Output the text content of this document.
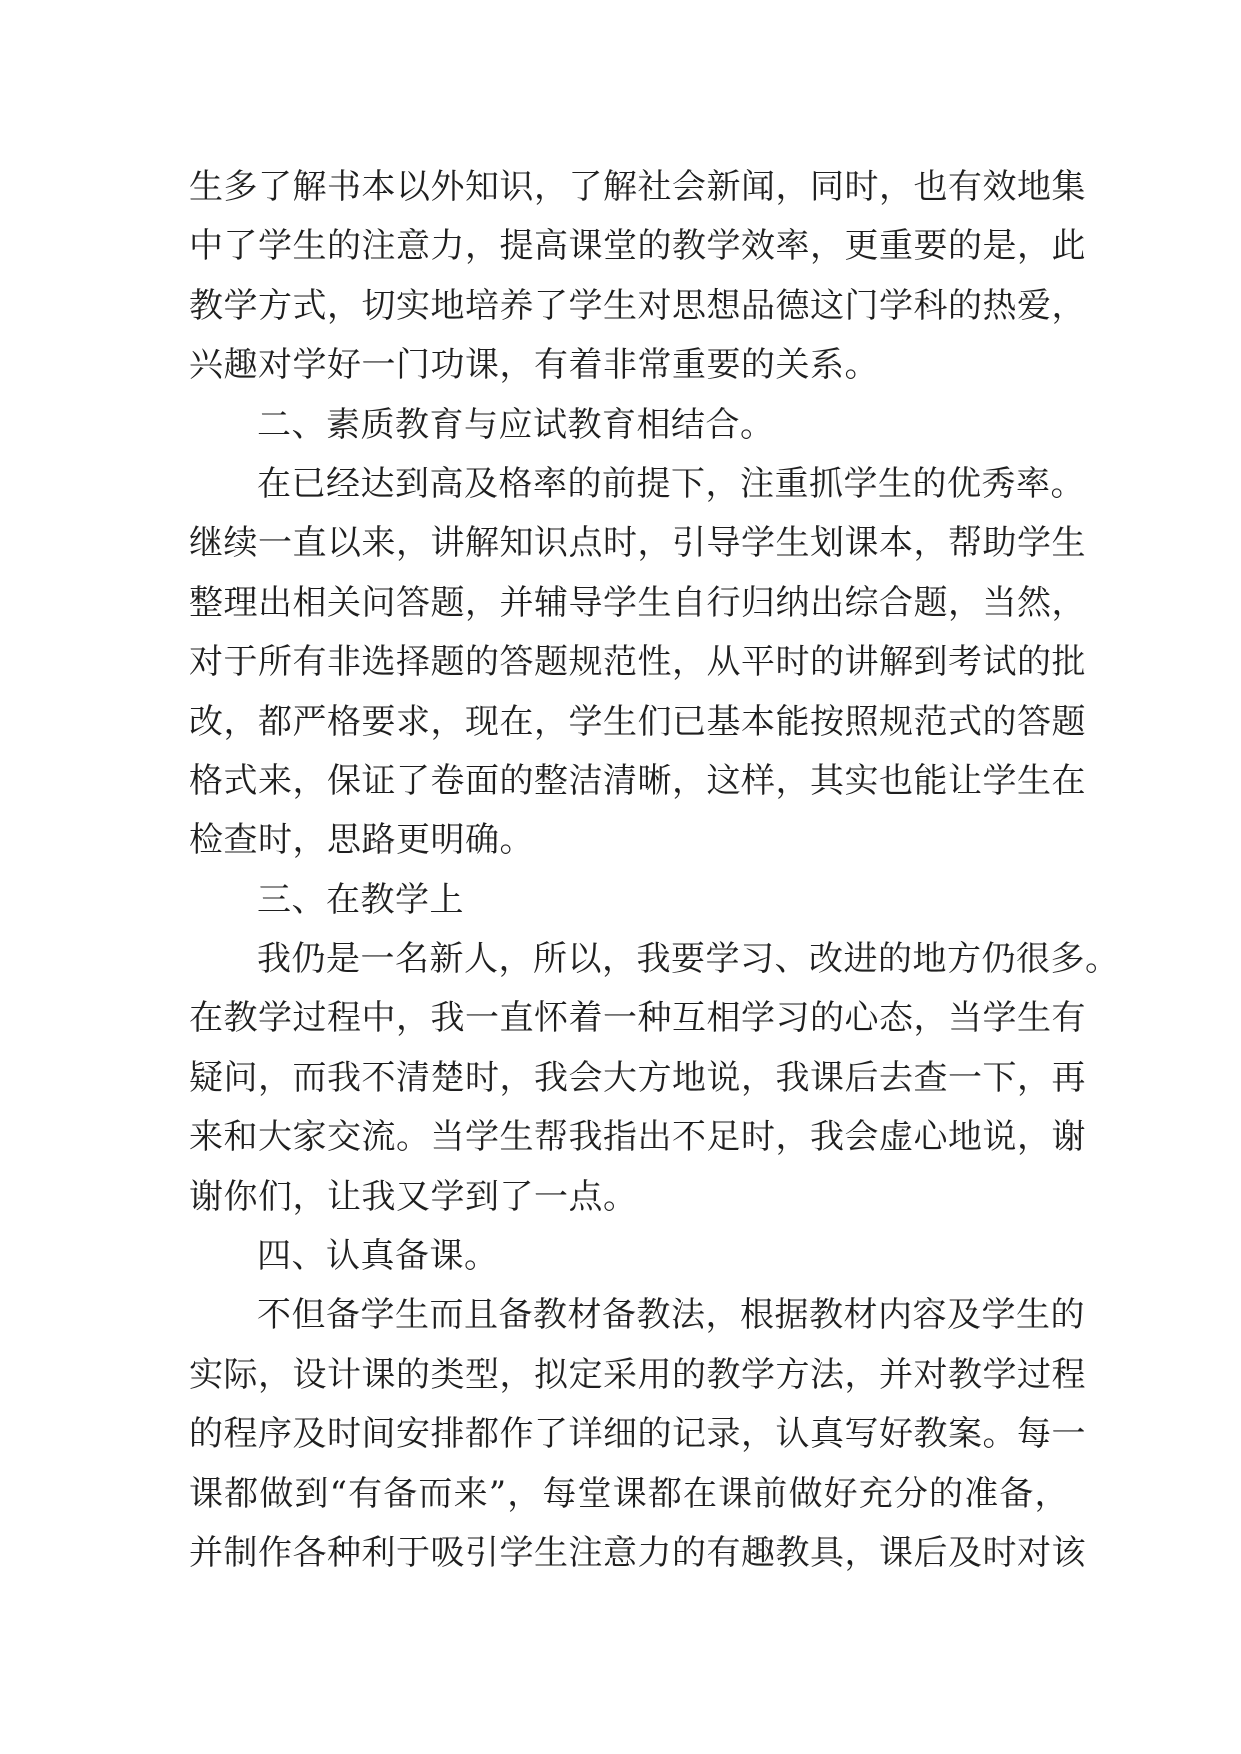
生多了解书本以外知识，了解社会新闻，同时，也有效地集
中了学生的注意力，提高课堂的教学效率，更重要的是，此
教学方式，切实地培养了学生对思想品德这门学科的热爱，
兴趣对学好一门功课，有着非常重要的关系。
二、素质教育与应试教育相结合。
在已经达到高及格率的前提下，注重抓学生的优秀率。
继续一直以来，讲解知识点时，引导学生划课本，帮助学生
整理出相关问答题，并辅导学生自行归纳出综合题，当然，
对于所有非选择题的答题规范性，从平时的讲解到考试的批
改，都严格要求，现在，学生们已基本能按照规范式的答题
格式来，保证了卷面的整洁清晰，这样，其实也能让学生在
检查时，思路更明确。
三、在教学上
我仍是一名新人，所以，我要学习、改进的地方仍很多。
在教学过程中，我一直怀着一种互相学习的心态，当学生有
疑问，而我不清楚时，我会大方地说，我课后去查一下，再
来和大家交流。当学生帮我指出不足时，我会虚心地说，谢
谢你们，让我又学到了一点。
四、认真备课。
不但备学生而且备教材备教法，根据教材内容及学生的
实际，设计课的类型，拟定采用的教学方法，并对教学过程
的程序及时间安排都作了详细的记录，认真写好教案。每一
课都做到“有备而来”，每堂课都在课前做好充分的准备，
并制作各种利于吸引学生注意力的有趣教具，课后及时对该
